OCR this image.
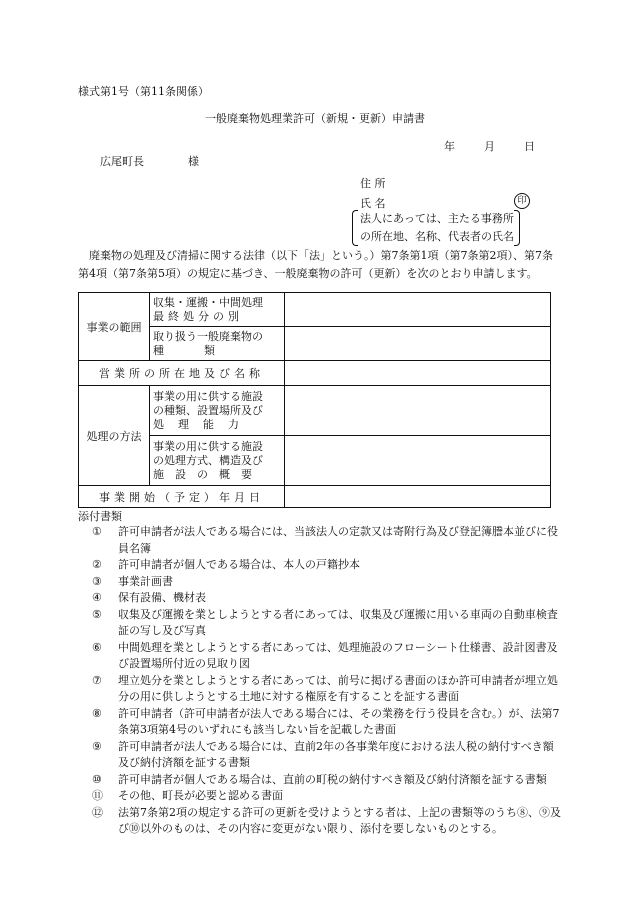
様式第1号（第11条関係）
一般廃棄物処理業許可（新規・更新）申請書
年	月	日
広尾町長	様
住 所
氏 名	印
法人にあっては、主たる事務所
の所在地、名称、代表者の氏名
廃棄物の処理及び清掃に関する法律（以下「法」という。）第7条第1項（第7条第2項）、第7条第4項（第7条第5項）の規定に基づき、一般廃棄物の許可（更新）を次のとおり申請します。
事業の範囲	収集・運搬・中間処理
最終処分の別	

	取り扱う一般廃棄物の
種類	

営業所の所在地及び名称		
処理の方法	事業の用に供する施設
の種類、設置場所及び
処理能力	

	事業の用に供する施設
の処理方式、構造及び
施設の概要	

事業開始（予定）年月日		
添付書類
① 許可申請者が法人である場合には、当該法人の定款又は寄附行為及び登記簿謄本並びに役員名簿
② 許可申請者が個人である場合は、本人の戸籍抄本
③ 事業計画書
④ 保有設備、機材表
⑤ 収集及び運搬を業としようとする者にあっては、収集及び運搬に用いる車両の自動車検査証の写し及び写真
⑥ 中間処理を業としようとする者にあっては、処理施設のフローシート仕様書、設計図書及び設置場所付近の見取り図
⑦ 埋立処分を業としようとする者にあっては、前号に掲げる書面のほか許可申請者が埋立処分の用に供しようとする土地に対する権原を有することを証する書面
⑧ 許可申請者（許可申請者が法人である場合には、その業務を行う役員を含む。）が、法第7条第3項第4号のいずれにも該当しない旨を記載した書面
⑨ 許可申請者が法人である場合には、直前2年の各事業年度における法人税の納付すべき額及び納付済額を証する書類
⑩ 許可申請者が個人である場合は、直前の町税の納付すべき額及び納付済額を証する書類
⑪ その他、町長が必要と認める書面
⑫ 法第7条第2項の規定する許可の更新を受けようとする者は、上記の書類等のうち⑧、⑨及び⑩以外のものは、その内容に変更がない限り、添付を要しないものとする。
